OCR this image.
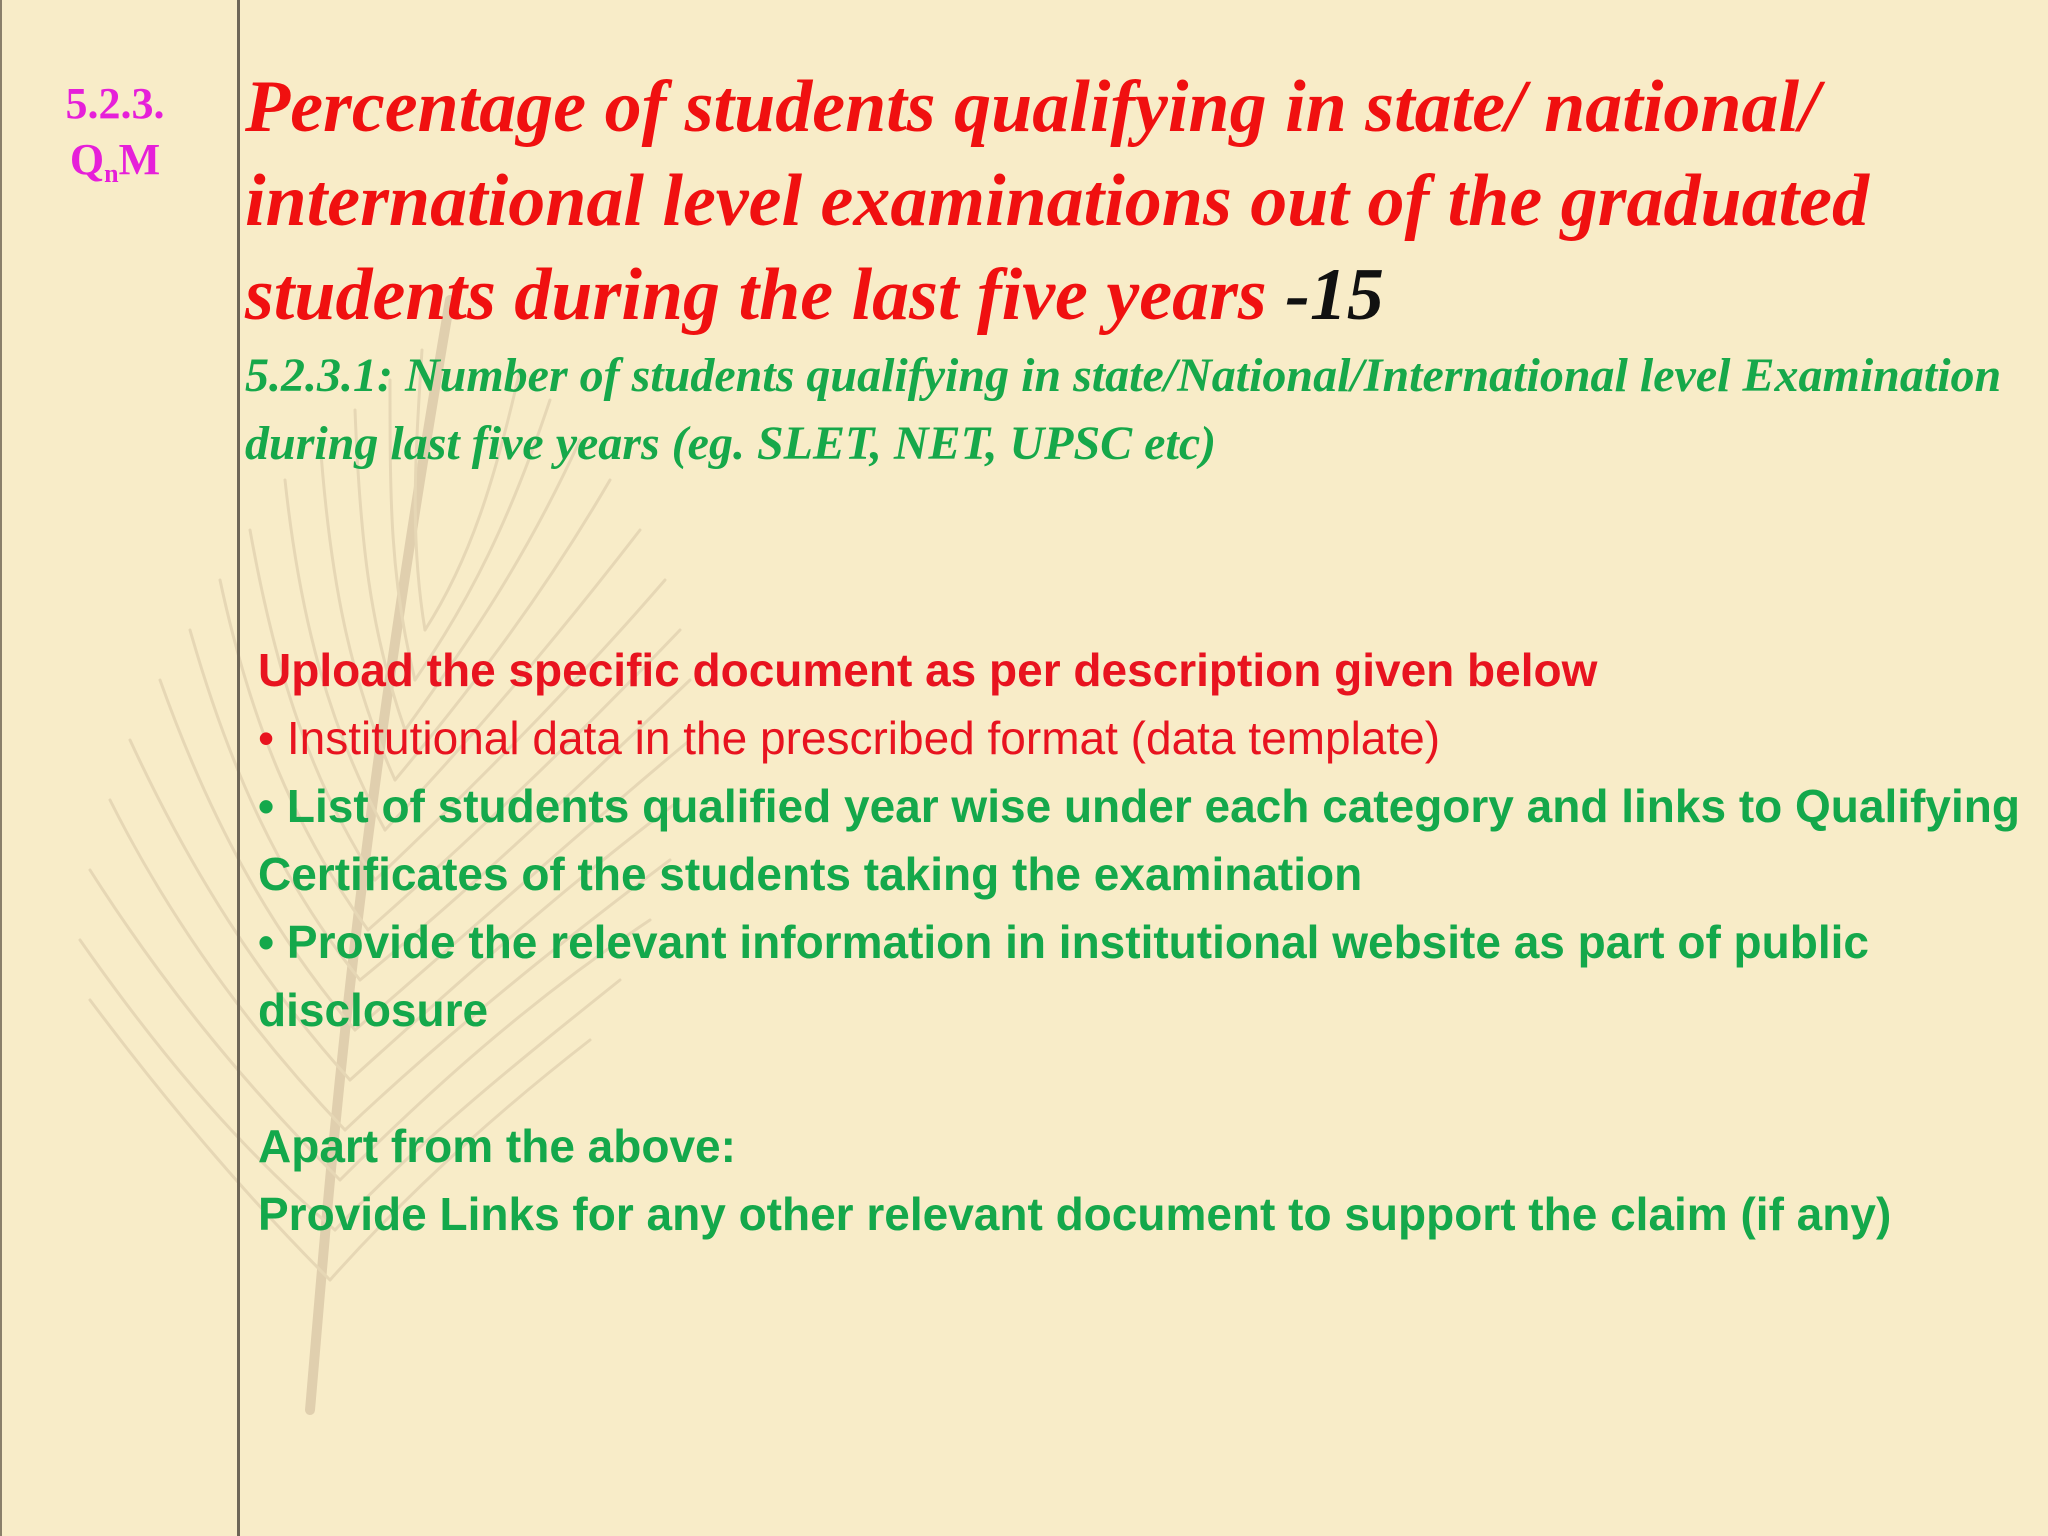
5.2.3.
$Q_nM$
Percentage of students qualifying in state/ national/ international level examinations out of the graduated students during the last five years -15

5.2.3.1: Number of students qualifying in state/National/International level Examination during last five years (eg. SLET, NET, UPSC etc)

Upload the specific document as per description given below

• Institutional data in the prescribed format (data template)

• List of students qualified year wise under each category and links to Qualifying Certificates of the students taking the examination

• Provide the relevant information in institutional website as part of public disclosure

Apart from the above:

Provide Links for any other relevant document to support the claim (if any)
